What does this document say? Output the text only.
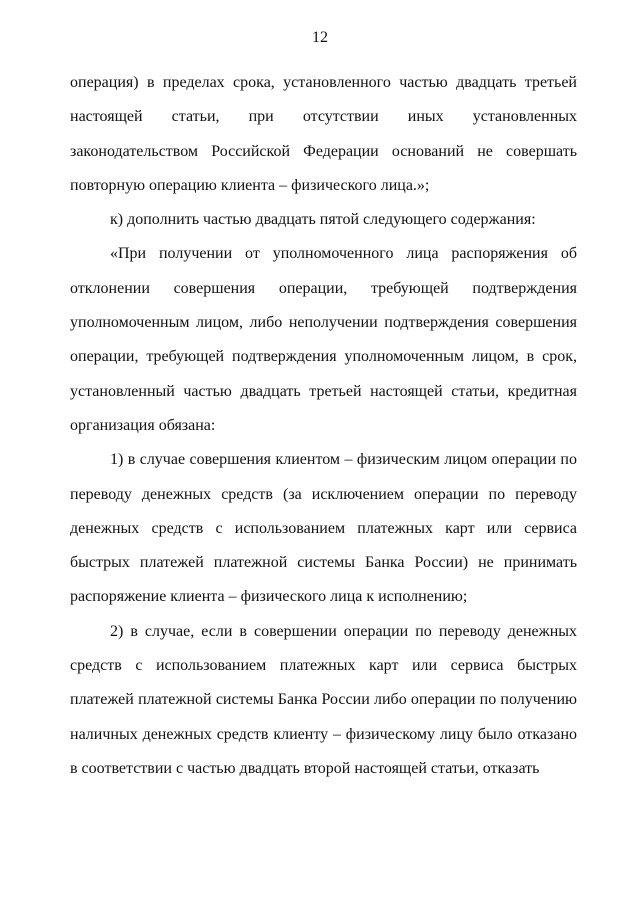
12

операция) в пределах срока, установленного частью двадцать третьей настоящей статьи, при отсутствии иных установленных законодательством Российской Федерации оснований не совершать повторную операцию клиента – физического лица.»;

к) дополнить частью двадцать пятой следующего содержания:

«При получении от уполномоченного лица распоряжения об отклонении совершения операции, требующей подтверждения уполномоченным лицом, либо неполучении подтверждения совершения операции, требующей подтверждения уполномоченным лицом, в срок, установленный частью двадцать третьей настоящей статьи, кредитная организация обязана:

1) в случае совершения клиентом – физическим лицом операции по переводу денежных средств (за исключением операции по переводу денежных средств с использованием платежных карт или сервиса быстрых платежей платежной системы Банка России) не принимать распоряжение клиента – физического лица к исполнению;

2) в случае, если в совершении операции по переводу денежных средств с использованием платежных карт или сервиса быстрых платежей платежной системы Банка России либо операции по получению наличных денежных средств клиенту – физическому лицу было отказано в соответствии с частью двадцать второй настоящей статьи, отказать
